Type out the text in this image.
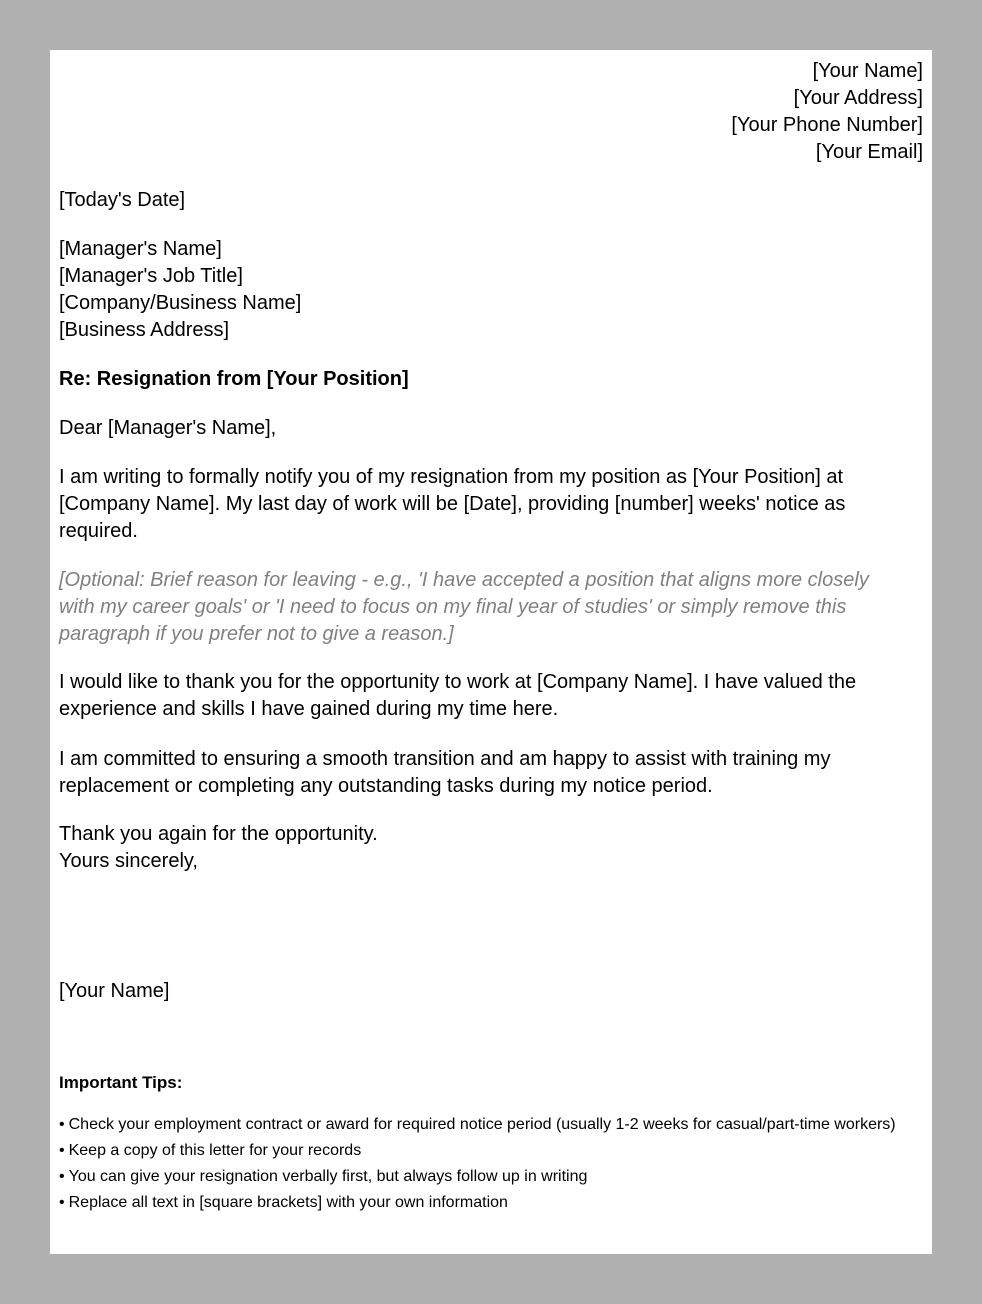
[Your Name]
[Your Address]
[Your Phone Number]
[Your Email]
[Today's Date]
[Manager's Name]
[Manager's Job Title]
[Company/Business Name]
[Business Address]
Re: Resignation from [Your Position]
Dear [Manager's Name],
I am writing to formally notify you of my resignation from my position as [Your Position] at [Company Name]. My last day of work will be [Date], providing [number] weeks' notice as required.
[Optional: Brief reason for leaving - e.g., 'I have accepted a position that aligns more closely with my career goals' or 'I need to focus on my final year of studies' or simply remove this paragraph if you prefer not to give a reason.]
I would like to thank you for the opportunity to work at [Company Name]. I have valued the experience and skills I have gained during my time here.
I am committed to ensuring a smooth transition and am happy to assist with training my replacement or completing any outstanding tasks during my notice period.
Thank you again for the opportunity.
Yours sincerely,
[Your Name]
Important Tips:
• Check your employment contract or award for required notice period (usually 1-2 weeks for casual/part-time workers)
• Keep a copy of this letter for your records
• You can give your resignation verbally first, but always follow up in writing
• Replace all text in [square brackets] with your own information
